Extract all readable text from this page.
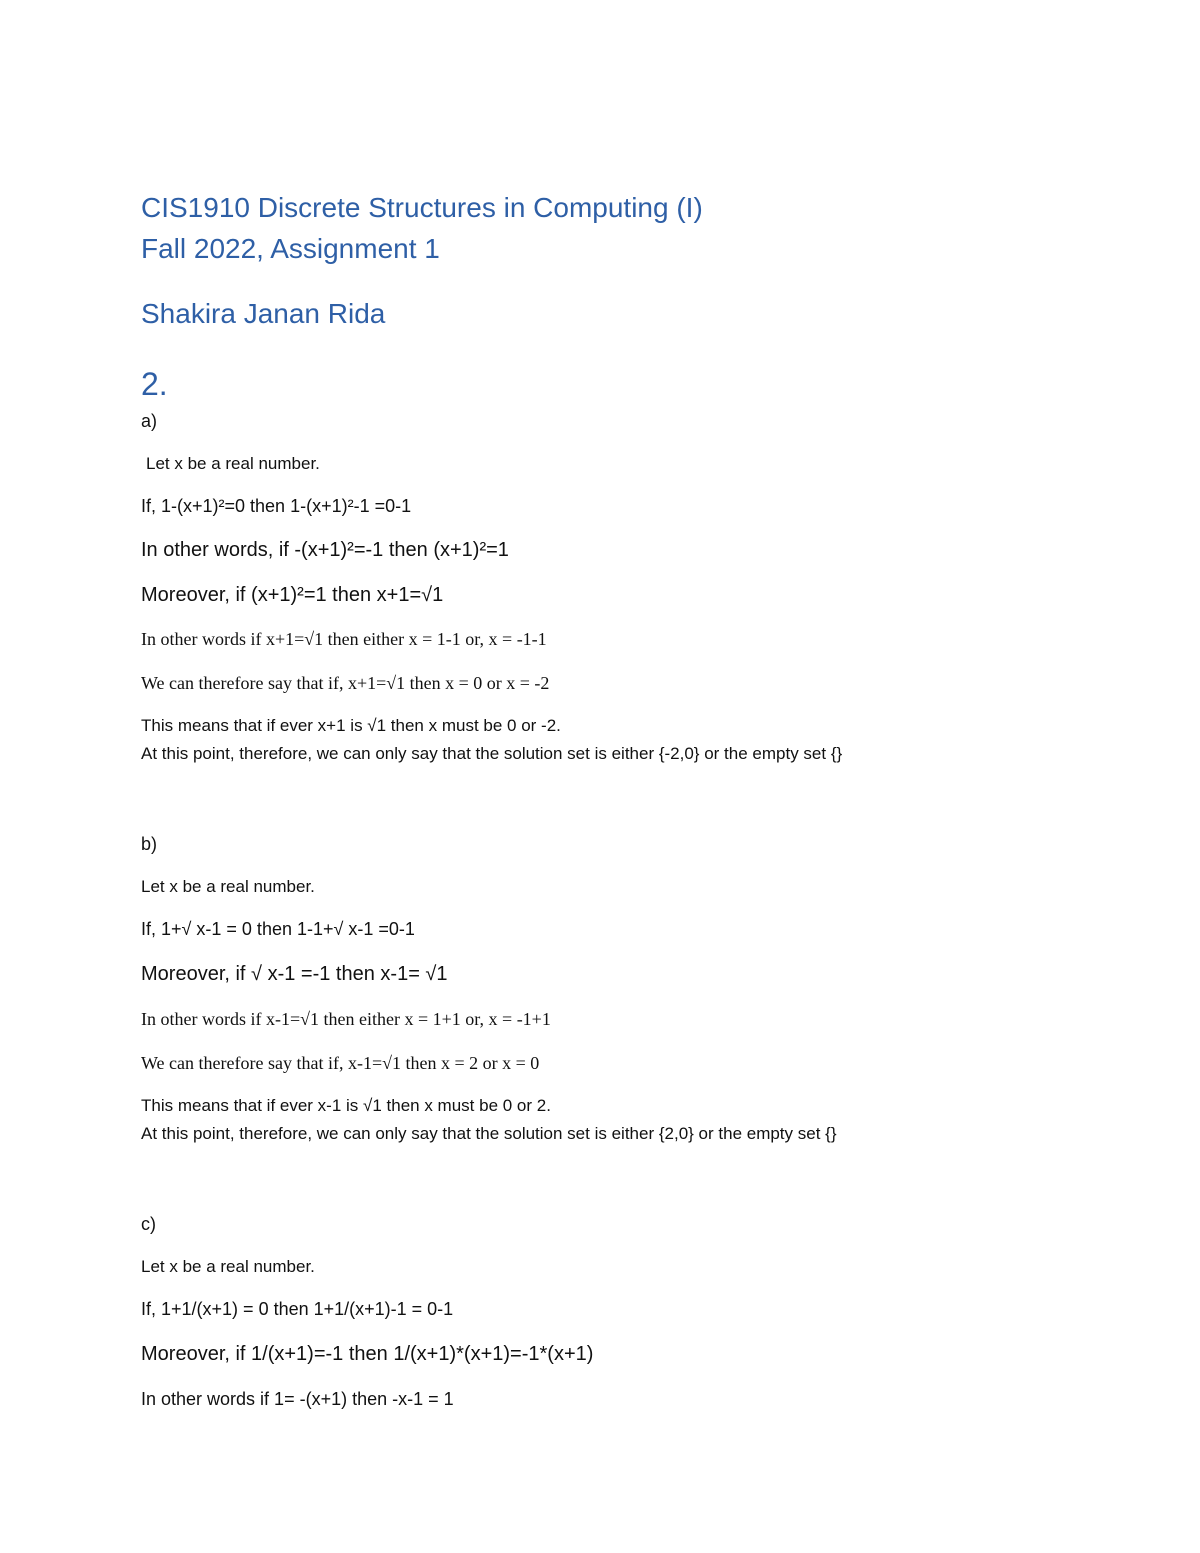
CIS1910 Discrete Structures in Computing (I)
Fall 2022, Assignment 1
Shakira Janan Rida
2.
a)
Let x be a real number.
If, 1-(x+1)²=0 then 1-(x+1)²-1 =0-1
In other words, if -(x+1)²=-1 then (x+1)²=1
Moreover, if (x+1)²=1 then x+1=√1
In other words if x+1=√1 then either x = 1-1 or, x = -1-1
We can therefore say that if, x+1=√1 then x = 0 or x = -2
This means that if ever x+1 is √1 then x must be 0 or -2.
At this point, therefore, we can only say that the solution set is either {-2,0} or the empty set {}
b)
Let x be a real number.
If, 1+√ x-1 = 0 then 1-1+√ x-1 =0-1
Moreover, if √ x-1 =-1 then x-1= √1
In other words if x-1=√1 then either x = 1+1 or, x = -1+1
We can therefore say that if, x-1=√1 then x = 2 or x = 0
This means that if ever x-1 is √1 then x must be 0 or 2.
At this point, therefore, we can only say that the solution set is either {2,0} or the empty set {}
c)
Let x be a real number.
If, 1+1/(x+1) = 0 then 1+1/(x+1)-1 = 0-1
Moreover, if 1/(x+1)=-1 then 1/(x+1)*(x+1)=-1*(x+1)
In other words if 1= -(x+1) then -x-1 = 1
